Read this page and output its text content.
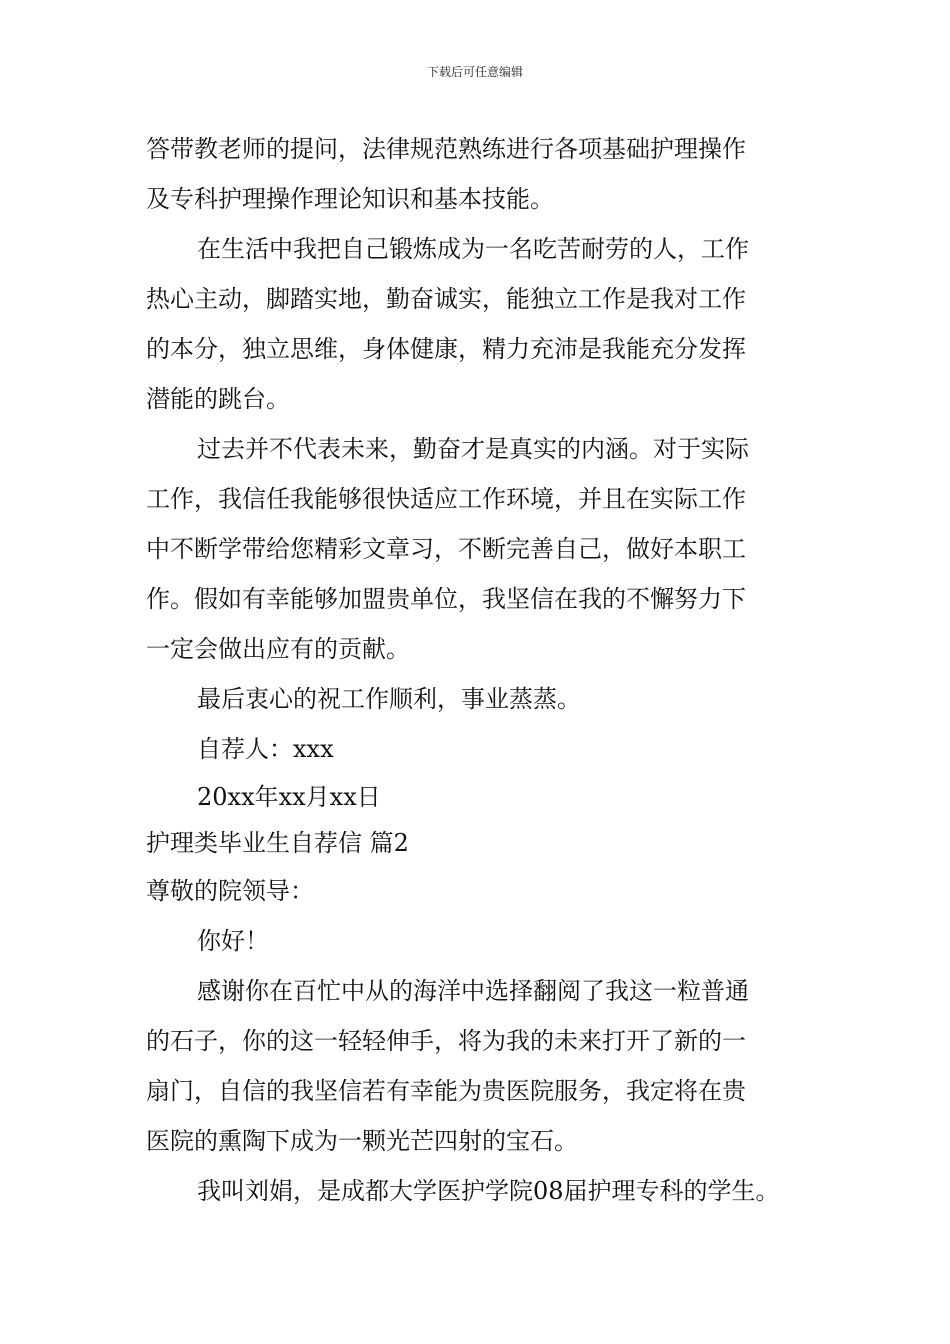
下载后可任意编辑
答带教老师的提问，法律规范熟练进行各项基础护理操作
及专科护理操作理论知识和基本技能。
在生活中我把自己锻炼成为一名吃苦耐劳的人，工作
热心主动，脚踏实地，勤奋诚实，能独立工作是我对工作
的本分，独立思维，身体健康，精力充沛是我能充分发挥
潜能的跳台。
过去并不代表未来，勤奋才是真实的内涵。对于实际
工作，我信任我能够很快适应工作环境，并且在实际工作
中不断学带给您精彩文章习，不断完善自己，做好本职工
作。假如有幸能够加盟贵单位，我坚信在我的不懈努力下
一定会做出应有的贡献。
最后衷心的祝工作顺利，事业蒸蒸。
自荐人：xxx
20xx年xx月xx日
护理类毕业生自荐信 篇2
尊敬的院领导：
你好！
感谢你在百忙中从的海洋中选择翻阅了我这一粒普通
的石子，你的这一轻轻伸手，将为我的未来打开了新的一
扇门，自信的我坚信若有幸能为贵医院服务，我定将在贵
医院的熏陶下成为一颗光芒四射的宝石。
我叫刘娟，是成都大学医护学院08届护理专科的学生。
